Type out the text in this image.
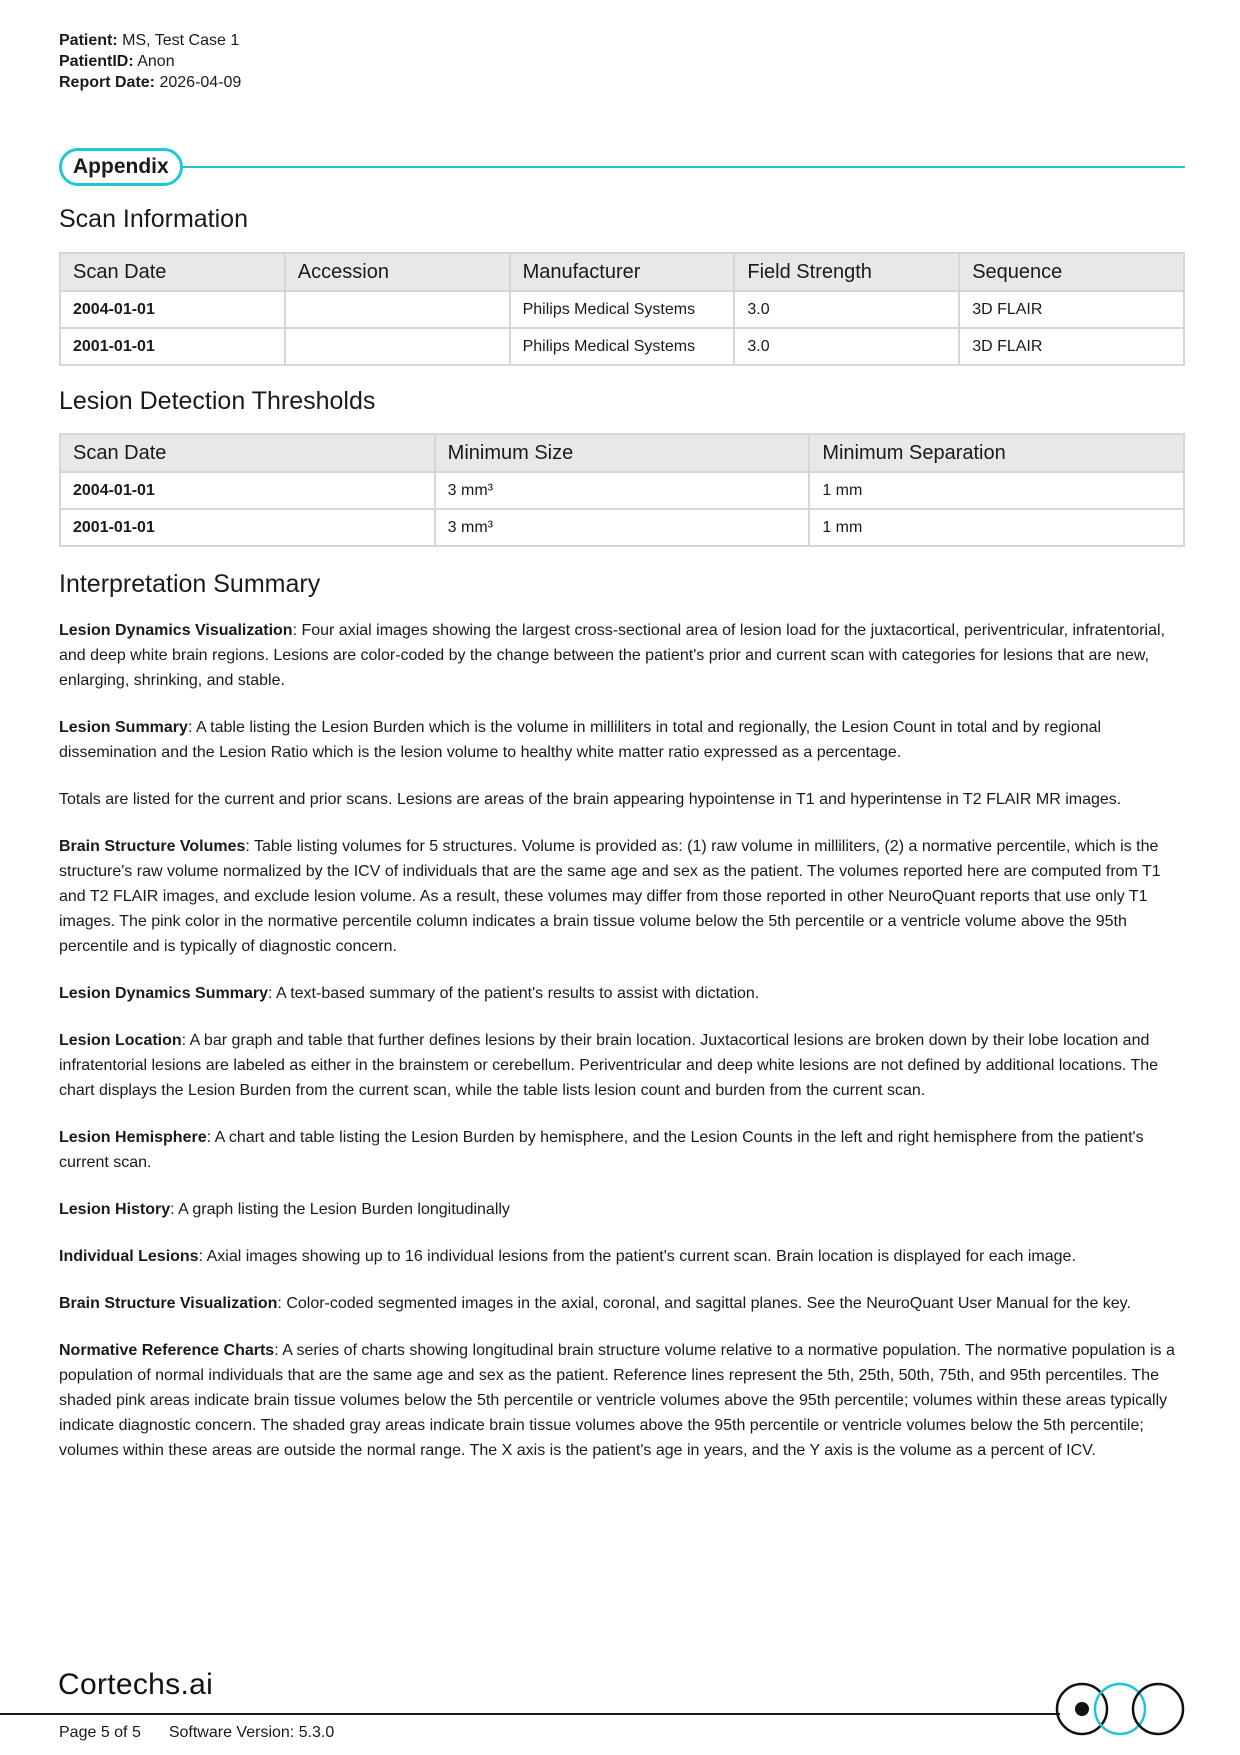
Patient: MS, Test Case 1
PatientID: Anon
Report Date: 2026-04-09
Appendix
Scan Information
Scan Date	Accession	Manufacturer	Field Strength	Sequence
2004-01-01		Philips Medical Systems	3.0	3D FLAIR
2001-01-01		Philips Medical Systems	3.0	3D FLAIR
Lesion Detection Thresholds
Scan Date	Minimum Size	Minimum Separation
2004-01-01	3 mm³	1 mm
2001-01-01	3 mm³	1 mm
Interpretation Summary

Lesion Dynamics Visualization: Four axial images showing the largest cross-sectional area of lesion load for the juxtacortical, periventricular, infratentorial, and deep white brain regions. Lesions are color-coded by the change between the patient's prior and current scan with categories for lesions that are new, enlarging, shrinking, and stable.

Lesion Summary: A table listing the Lesion Burden which is the volume in milliliters in total and regionally, the Lesion Count in total and by regional dissemination and the Lesion Ratio which is the lesion volume to healthy white matter ratio expressed as a percentage.

Totals are listed for the current and prior scans. Lesions are areas of the brain appearing hypointense in T1 and hyperintense in T2 FLAIR MR images.

Brain Structure Volumes: Table listing volumes for 5 structures. Volume is provided as: (1) raw volume in milliliters, (2) a normative percentile, which is the structure's raw volume normalized by the ICV of individuals that are the same age and sex as the patient. The volumes reported here are computed from T1 and T2 FLAIR images, and exclude lesion volume. As a result, these volumes may differ from those reported in other NeuroQuant reports that use only T1 images. The pink color in the normative percentile column indicates a brain tissue volume below the 5th percentile or a ventricle volume above the 95th percentile and is typically of diagnostic concern.

Lesion Dynamics Summary: A text-based summary of the patient's results to assist with dictation.

Lesion Location: A bar graph and table that further defines lesions by their brain location. Juxtacortical lesions are broken down by their lobe location and infratentorial lesions are labeled as either in the brainstem or cerebellum. Periventricular and deep white lesions are not defined by additional locations. The chart displays the Lesion Burden from the current scan, while the table lists lesion count and burden from the current scan.

Lesion Hemisphere: A chart and table listing the Lesion Burden by hemisphere, and the Lesion Counts in the left and right hemisphere from the patient's current scan.

Lesion History: A graph listing the Lesion Burden longitudinally

Individual Lesions: Axial images showing up to 16 individual lesions from the patient's current scan. Brain location is displayed for each image.

Brain Structure Visualization: Color-coded segmented images in the axial, coronal, and sagittal planes. See the NeuroQuant User Manual for the key.

Normative Reference Charts: A series of charts showing longitudinal brain structure volume relative to a normative population. The normative population is a population of normal individuals that are the same age and sex as the patient. Reference lines represent the 5th, 25th, 50th, 75th, and 95th percentiles. The shaded pink areas indicate brain tissue volumes below the 5th percentile or ventricle volumes above the 95th percentile; volumes within these areas typically indicate diagnostic concern. The shaded gray areas indicate brain tissue volumes above the 95th percentile or ventricle volumes below the 5th percentile; volumes within these areas are outside the normal range. The X axis is the patient's age in years, and the Y axis is the volume as a percent of ICV.

Cortechs.ai
Page 5 of 5 Software Version: 5.3.0
